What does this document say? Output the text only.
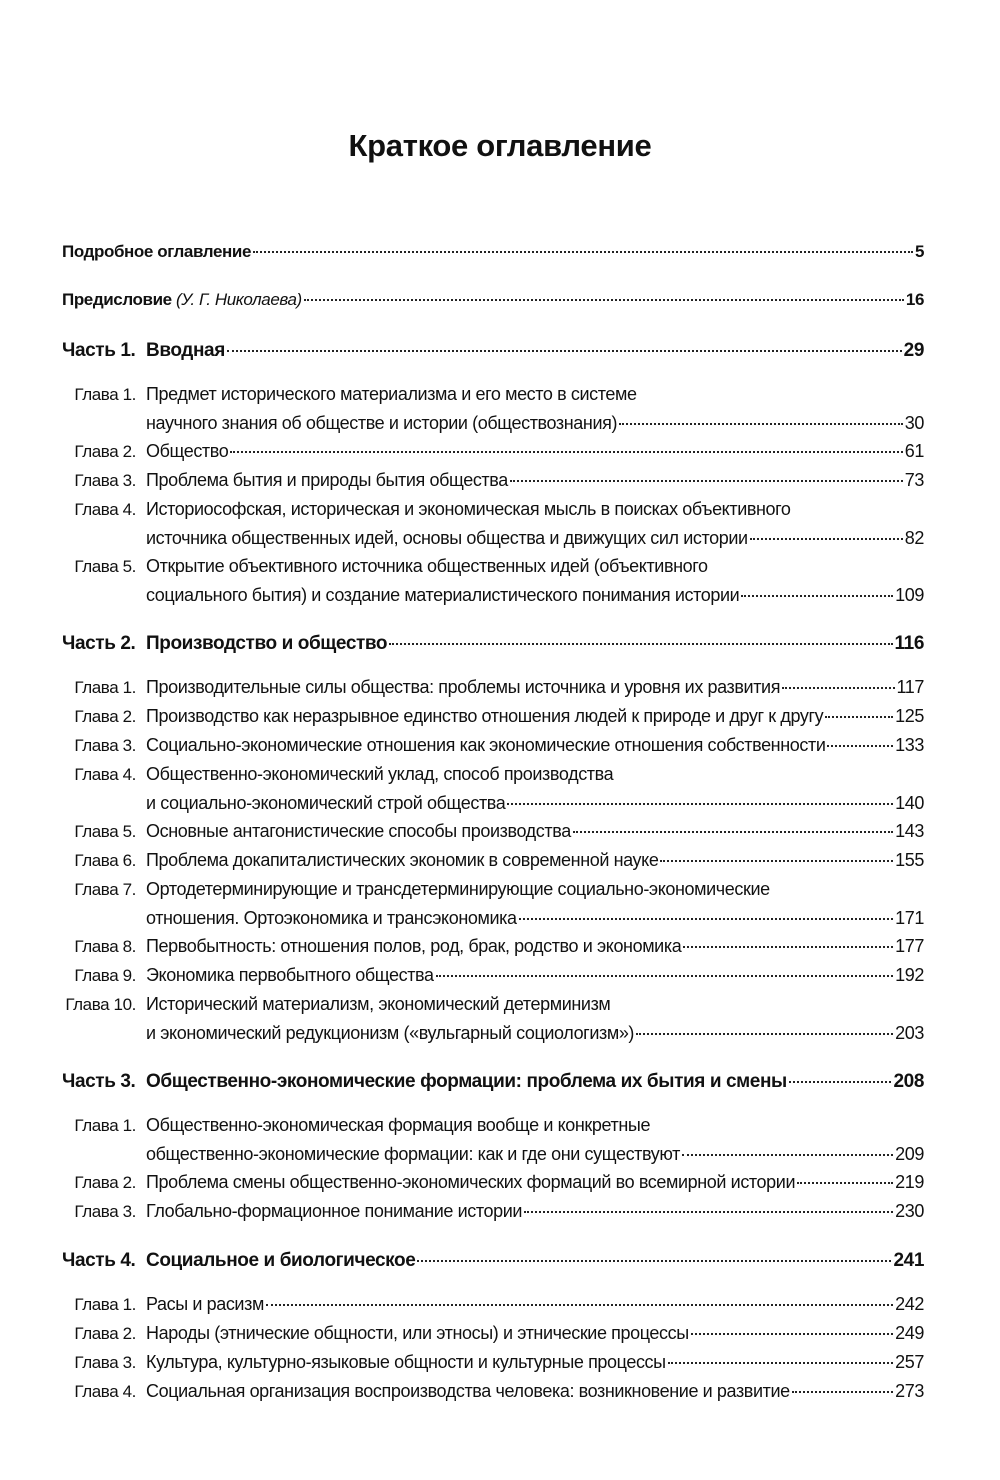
Краткое оглавление
Подробное оглавление	5
Предисловие (У. Г. Николаева)	16
Часть 1. Вводная	29
Глава 1. Предмет исторического материализма и его место в системе
научного знания об обществе и истории (обществознания)	30
Глава 2. Общество	61
Глава 3. Проблема бытия и природы бытия общества	73
Глава 4. Историософская, историческая и экономическая мысль в поисках объективного
источника общественных идей, основы общества и движущих сил истории	82
Глава 5. Открытие объективного источника общественных идей (объективного
социального бытия) и создание материалистического понимания истории	109
Часть 2. Производство и общество	116
Глава 1. Производительные силы общества: проблемы источника и уровня их развития	117
Глава 2. Производство как неразрывное единство отношения людей к природе и друг к другу	125
Глава 3. Социально-экономические отношения как экономические отношения собственности	133
Глава 4. Общественно-экономический уклад, способ производства
и социально-экономический строй общества	140
Глава 5. Основные антагонистические способы производства	143
Глава 6. Проблема докапиталистических экономик в современной науке	155
Глава 7. Ортодетерминирующие и трансдетерминирующие социально-экономические
отношения. Ортоэкономика и трансэкономика	171
Глава 8. Первобытность: отношения полов, род, брак, родство и экономика	177
Глава 9. Экономика первобытного общества	192
Глава 10. Исторический материализм, экономический детерминизм
и экономический редукционизм («вульгарный социологизм»)	203
Часть 3. Общественно-экономические формации: проблема их бытия и смены	208
Глава 1. Общественно-экономическая формация вообще и конкретные
общественно-экономические формации: как и где они существуют	209
Глава 2. Проблема смены общественно-экономических формаций во всемирной истории	219
Глава 3. Глобально-формационное понимание истории	230
Часть 4. Социальное и биологическое	241
Глава 1. Расы и расизм	242
Глава 2. Народы (этнические общности, или этносы) и этнические процессы	249
Глава 3. Культура, культурно-языковые общности и культурные процессы	257
Глава 4. Социальная организация воспроизводства человека: возникновение и развитие	273
